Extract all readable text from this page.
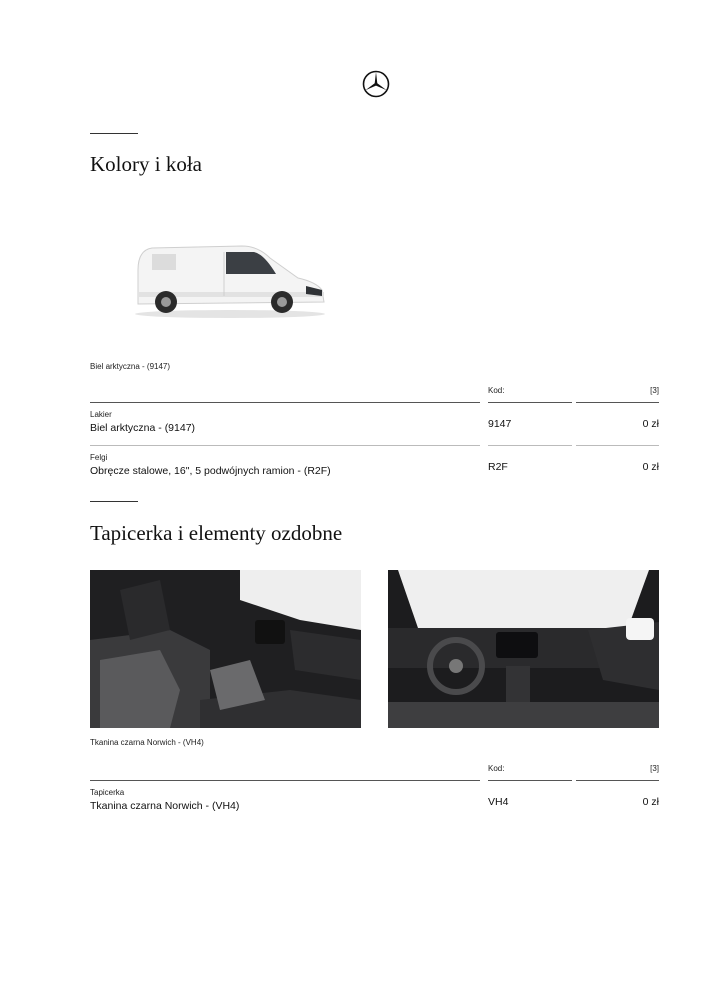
Kolory i koła
Biel arktyczna - (9147)
Kod:	[3]
Lakier
Biel arktyczna - (9147)	9147	0 zł
Felgi
Obręcze stalowe, 16", 5 podwójnych ramion - (R2F)	R2F	0 zł
Tapicerka i elementy ozdobne
Tkanina czarna Norwich - (VH4)
Kod:	[3]
Tapicerka
Tkanina czarna Norwich - (VH4)	VH4	0 zł
